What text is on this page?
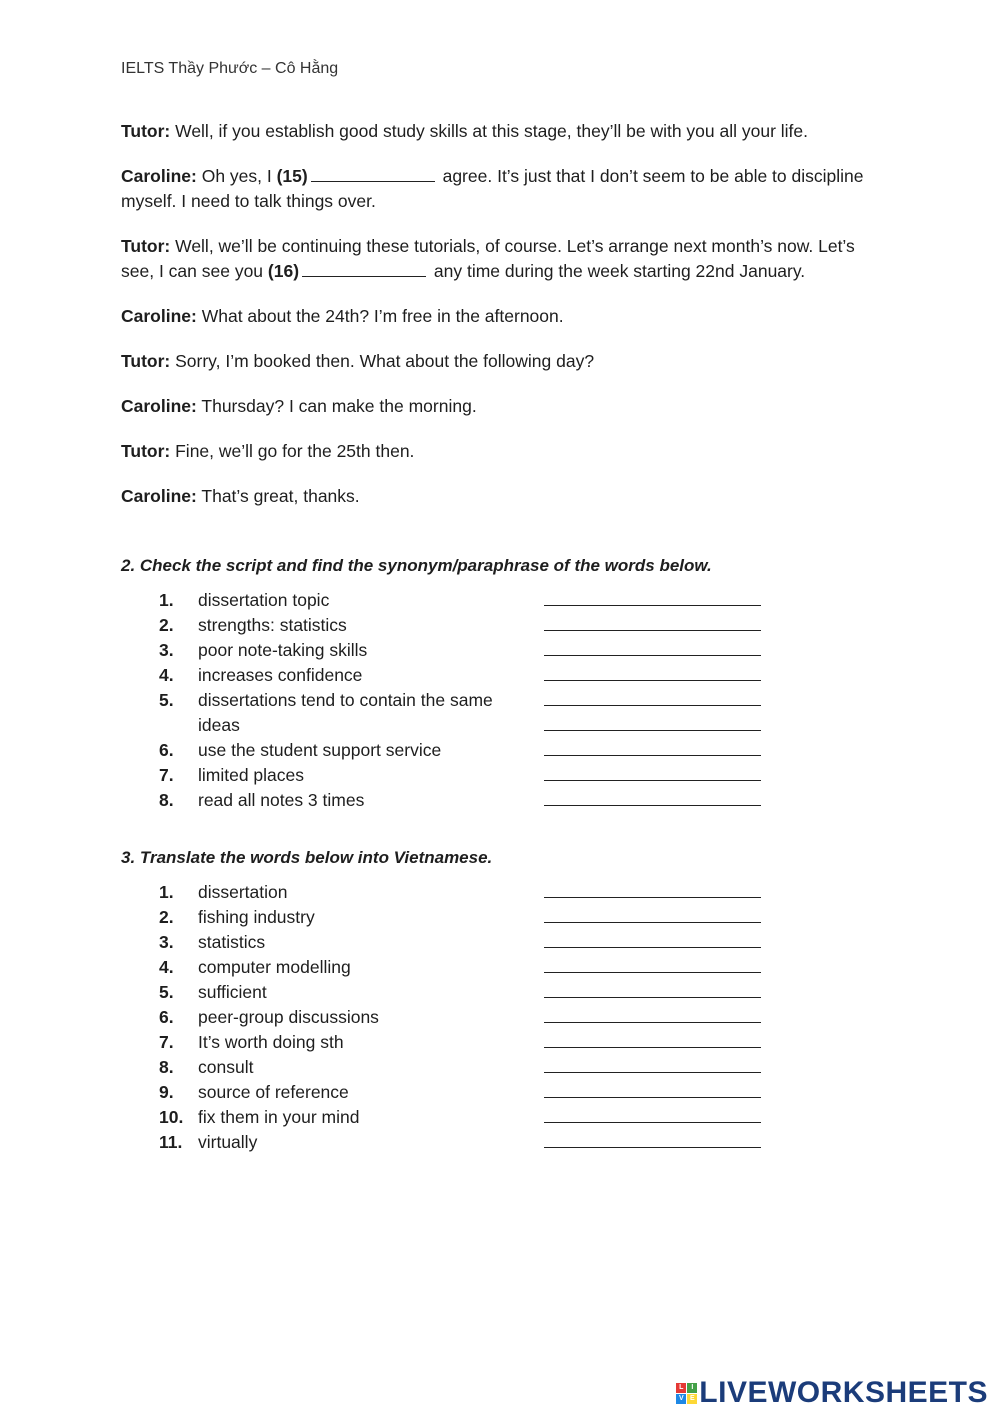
IELTS Thầy Phước – Cô Hằng

Tutor: Well, if you establish good study skills at this stage, they’ll be with you all your life.

Caroline: Oh yes, I (15)	agree. It’s just that I don’t seem to be able to discipline myself. I need to talk things over.

Tutor: Well, we’ll be continuing these tutorials, of course. Let’s arrange next month’s now. Let’s see, I can see you (16)	any time during the week starting 22nd January.

Caroline: What about the 24th? I’m free in the afternoon.

Tutor: Sorry, I’m booked then. What about the following day?

Caroline: Thursday? I can make the morning.

Tutor: Fine, we’ll go for the 25th then.

Caroline: That’s great, thanks.

2. Check the script and find the synonym/paraphrase of the words below.
1.	dissertation topic
2.	strengths: statistics
3.	poor note-taking skills
4.	increases confidence
5.	dissertations tend to contain the same ideas
6.	use the student support service
7.	limited places
8.	read all notes 3 times
3. Translate the words below into Vietnamese.
1.	dissertation
2.	fishing industry
3.	statistics
4.	computer modelling
5.	sufficient
6.	peer-group discussions
7.	It’s worth doing sth
8.	consult
9.	source of reference
10. fix them in your mind
11. virtually
L	I
V E LIVEWORKSHEETS
